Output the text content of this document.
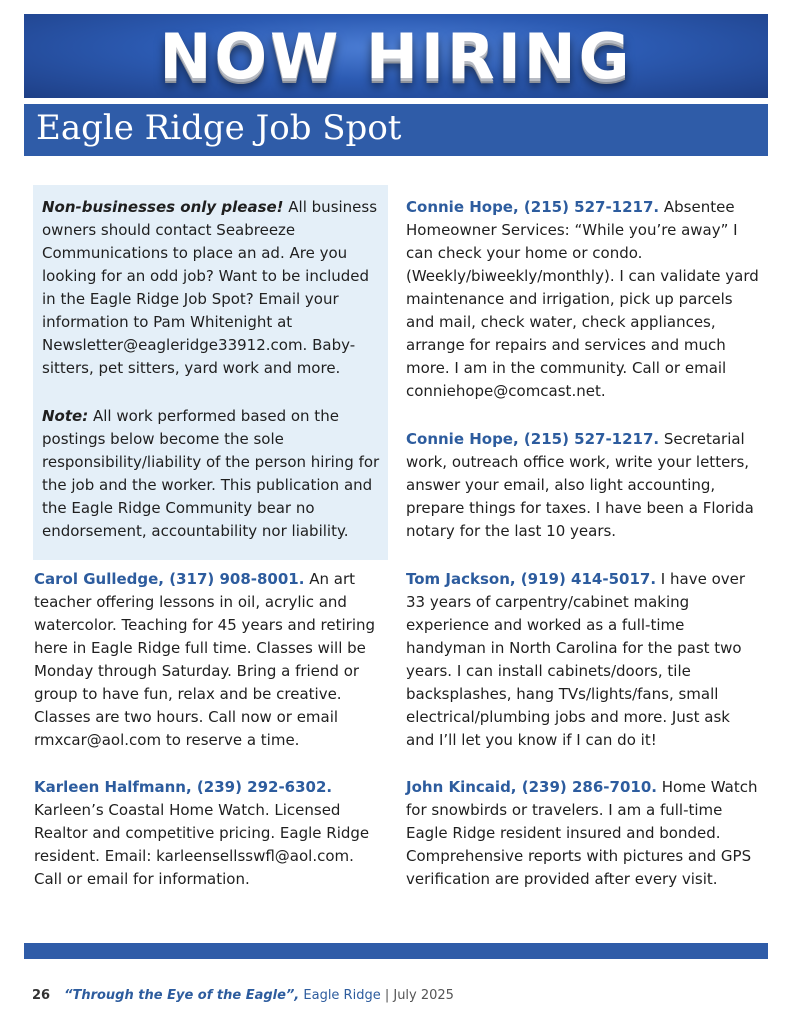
NOW HIRING
Eagle Ridge Job Spot

Non-businesses only please! All business owners should contact Seabreeze Communications to place an ad. Are you looking for an odd job? Want to be included in the Eagle Ridge Job Spot? Email your information to Pam Whitenight at Newsletter@eagleridge33912.com. Baby-sitters, pet sitters, yard work and more.

Note: All work performed based on the postings below become the sole responsibility/liability of the person hiring for the job and the worker. This publication and the Eagle Ridge Community bear no endorsement, accountability nor liability.

Carol Gulledge, (317) 908-8001. An art teacher offering lessons in oil, acrylic and watercolor. Teaching for 45 years and retiring here in Eagle Ridge full time. Classes will be Monday through Saturday. Bring a friend or group to have fun, relax and be creative. Classes are two hours. Call now or email rmxcar@aol.com to reserve a time.

Karleen Halfmann, (239) 292-6302. Karleen’s Coastal Home Watch. Licensed Realtor and competitive pricing. Eagle Ridge resident. Email: karleensellsswfl@aol.com. Call or email for information.

Connie Hope, (215) 527-1217. Absentee Homeowner Services: “While you’re away” I can check your home or condo. (Weekly/biweekly/monthly). I can validate yard maintenance and irrigation, pick up parcels and mail, check water, check appliances, arrange for repairs and services and much more. I am in the community. Call or email conniehope@comcast.net.

Connie Hope, (215) 527-1217. Secretarial work, outreach office work, write your letters, answer your email, also light accounting, prepare things for taxes. I have been a Florida notary for the last 10 years.

Tom Jackson, (919) 414-5017. I have over 33 years of carpentry/cabinet making experience and worked as a full-time handyman in North Carolina for the past two years. I can install cabinets/doors, tile backsplashes, hang TVs/lights/fans, small electrical/plumbing jobs and more. Just ask and I’ll let you know if I can do it!

John Kincaid, (239) 286-7010. Home Watch for snowbirds or travelers. I am a full-time Eagle Ridge resident insured and bonded. Comprehensive reports with pictures and GPS verification are provided after every visit.

26 “Through the Eye of the Eagle”, Eagle Ridge | July 2025
